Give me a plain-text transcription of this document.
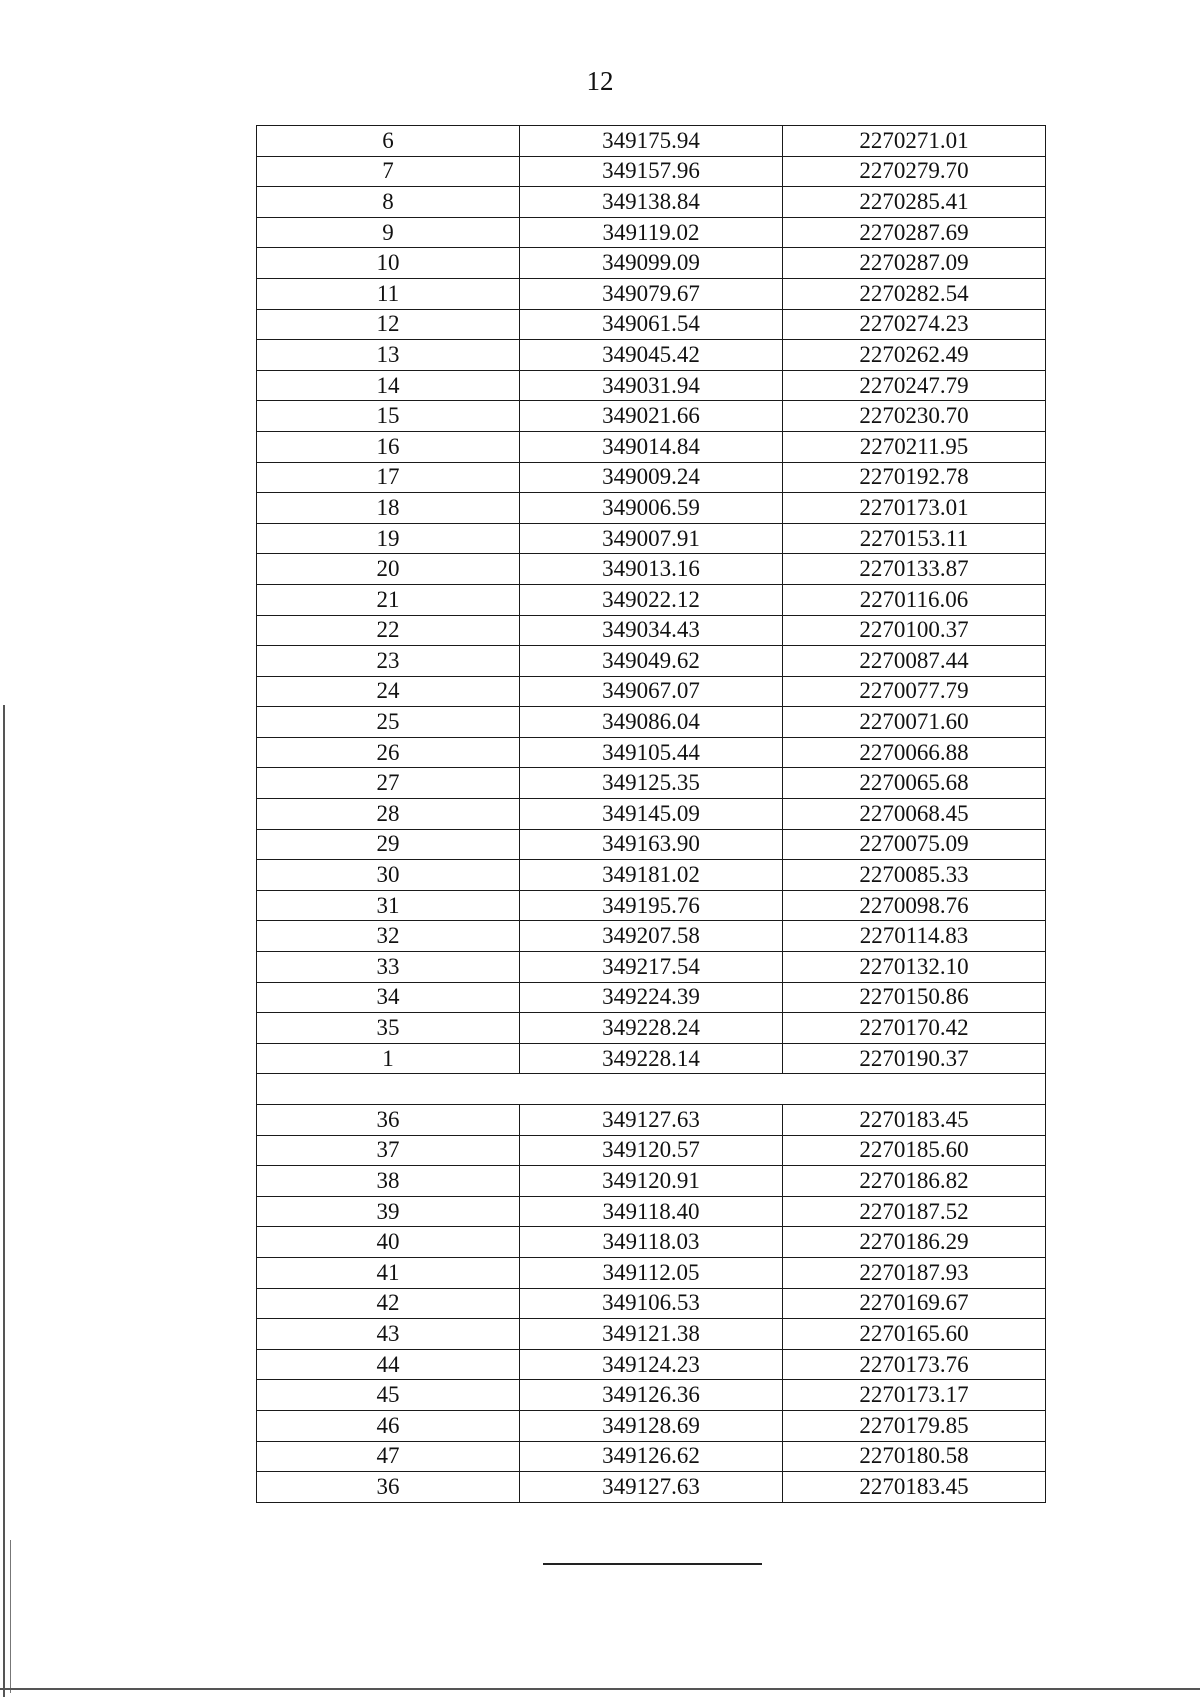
12
6	349175.94	2270271.01
7	349157.96	2270279.70
8	349138.84	2270285.41
9	349119.02	2270287.69
10	349099.09	2270287.09
11	349079.67	2270282.54
12	349061.54	2270274.23
13	349045.42	2270262.49
14	349031.94	2270247.79
15	349021.66	2270230.70
16	349014.84	2270211.95
17	349009.24	2270192.78
18	349006.59	2270173.01
19	349007.91	2270153.11
20	349013.16	2270133.87
21	349022.12	2270116.06
22	349034.43	2270100.37
23	349049.62	2270087.44
24	349067.07	2270077.79
25	349086.04	2270071.60
26	349105.44	2270066.88
27	349125.35	2270065.68
28	349145.09	2270068.45
29	349163.90	2270075.09
30	349181.02	2270085.33
31	349195.76	2270098.76
32	349207.58	2270114.83
33	349217.54	2270132.10
34	349224.39	2270150.86
35	349228.24	2270170.42
1	349228.14	2270190.37

36	349127.63	2270183.45
37	349120.57	2270185.60
38	349120.91	2270186.82
39	349118.40	2270187.52
40	349118.03	2270186.29
41	349112.05	2270187.93
42	349106.53	2270169.67
43	349121.38	2270165.60
44	349124.23	2270173.76
45	349126.36	2270173.17
46	349128.69	2270179.85
47	349126.62	2270180.58
36	349127.63	2270183.45
